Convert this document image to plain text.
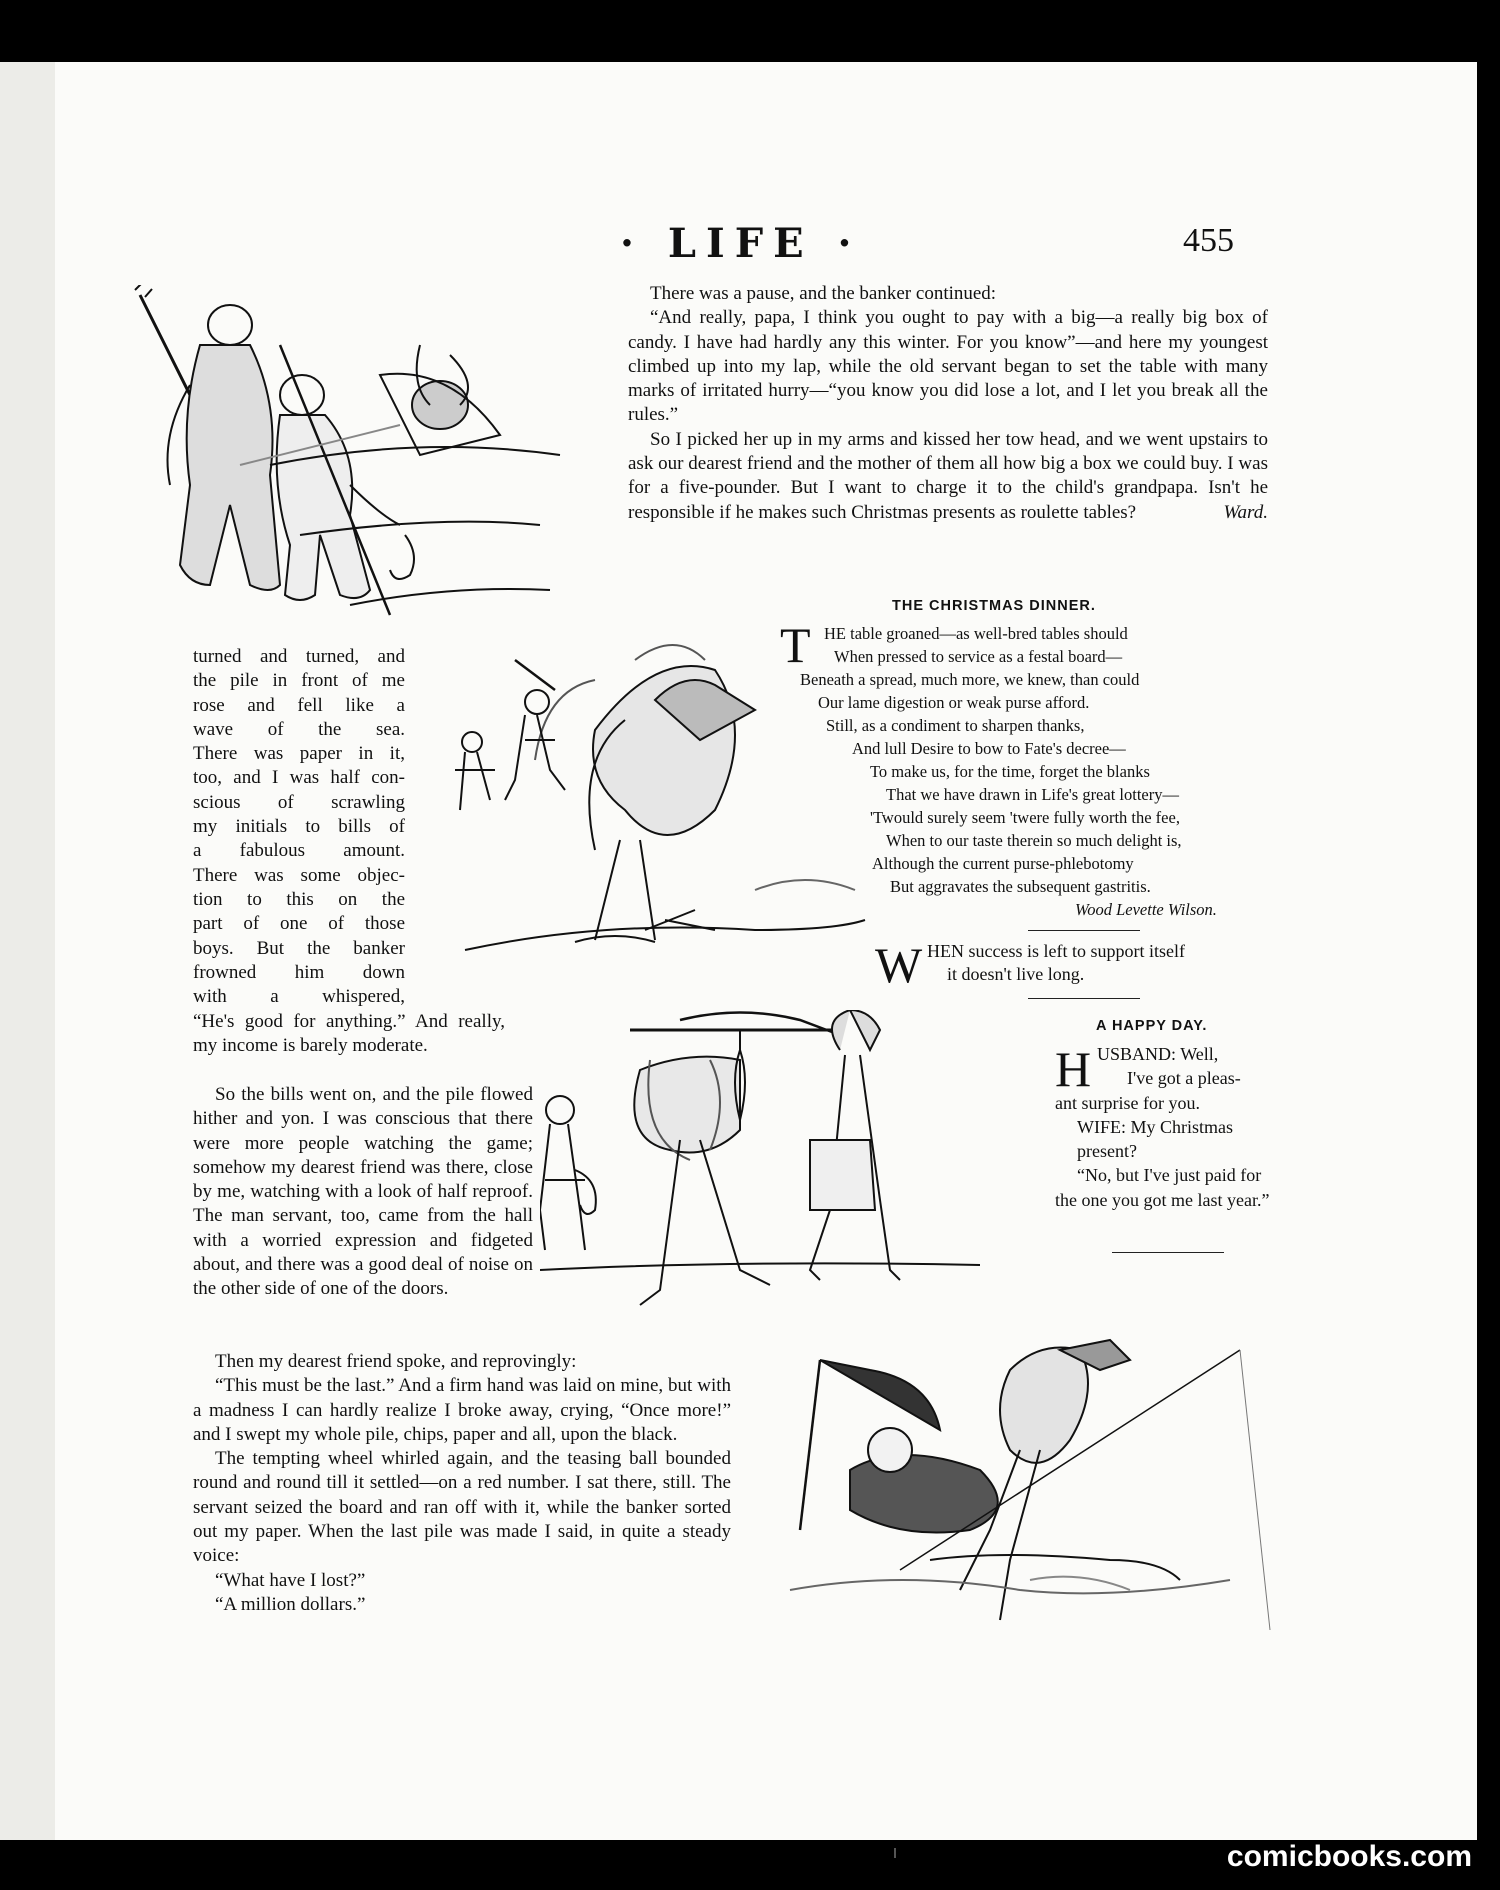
· LIFE ·	455

There was a pause, and the banker continued:

“And really, papa, I think you ought to pay with a big—a really big box of candy. I have had hardly any this winter. For you know”—and here my youngest climbed up into my lap, while the old servant began to set the table with many marks of irritated hurry—“you know you did lose a lot, and I let you break all the rules.”

So I picked her up in my arms and kissed her tow head, and we went upstairs to ask our dearest friend and the mother of them all how big a box we could buy. I was for a five-pounder. But I want to charge it to the child's grandpapa. Isn't he responsible if he makes such Christmas presents as roulette tables?	Ward.

turned and turned, and
the pile in front of me
rose and fell like a
wave of the sea.
There was paper in it,
too, and I was half con-
scious of scrawling
my initials to bills of
a fabulous amount.
There was some objec-
tion to this on the
part of one of those
boys. But the banker
frowned him down
with a whispered,

“He's good for anything.” And really, my income is barely moderate.

So the bills went on, and the pile flowed hither and yon. I was conscious that there were more people watching the game; somehow my dearest friend was there, close by me, watching with a look of half reproof. The man servant, too, came from the hall with a worried expression and fidgeted about, and there was a good deal of noise on the other side of one of the doors.

Then my dearest friend spoke, and reprovingly:

“This must be the last.” And a firm hand was laid on mine, but with a madness I can hardly realize I broke away, crying, “Once more!” and I swept my whole pile, chips, paper and all, upon the black.

The tempting wheel whirled again, and the teasing ball bounded round and round till it settled—on a red number. I sat there, still. The servant seized the board and ran off with it, while the banker sorted out my paper. When the last pile was made I said, in quite a steady voice:

“What have I lost?”

“A million dollars.”

THE CHRISTMAS DINNER.
T HE table groaned—as well-bred tables should
When pressed to service as a festal board—
Beneath a spread, much more, we knew, than could
Our lame digestion or weak purse afford.
Still, as a condiment to sharpen thanks,
And lull Desire to bow to Fate's decree—
To make us, for the time, forget the blanks
That we have drawn in Life's great lottery—
'Twould surely seem 'twere fully worth the fee,
When to our taste therein so much delight is,
Although the current purse-phlebotomy
But aggravates the subsequent gastritis.
Wood Levette Wilson.
W HEN success is left to support itself
it doesn't live long.
A HAPPY DAY.
H USBAND: Well,
I've got a pleas-
ant surprise for you.
WIFE: My Christmas present?
“No, but I've just paid for the one you got me last year.”
comicbooks.com
